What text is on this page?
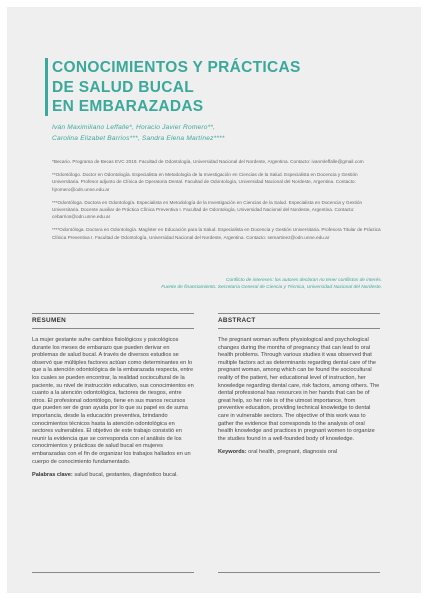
CONOCIMIENTOS Y PRÁCTICAS
DE SALUD BUCAL
EN EMBARAZADAS
Iván Maximiliano Leffalle*, Horacio Javier Romero**,
Carolina Elizabet Barrios***, Sandra Elena Martínez****
*Becario. Programa de Becas EVC 2019. Facultad de Odontología, Universidad Nacional del Nordeste, Argentina. Contacto: ivanmleffalle@gmail.com
**Odontólogo. Doctor en Odontología. Especialista en Metodología de la Investigación en Ciencias de la Salud. Especialista en Docencia y Gestión Universitaria. Profesor adjunto de Clínica de Operatoria Dental. Facultad de Odontología, Universidad Nacional del Nordeste, Argentina. Contacto: hjromero@odn.unne.edu.ar
***Odontóloga. Doctora en Odontología. Especialista en Metodología de la Investigación en Ciencias de la Salud. Especialista en Docencia y Gestión Universitaria. Docente auxiliar de Práctica Clínica Preventiva I. Facultad de Odontología, Universidad Nacional del Nordeste, Argentina. Contacto: cebarrios@odn.unne.edu.ar
****Odontóloga. Doctora en Odontología. Magíster en Educación para la Salud. Especialista en Docencia y Gestión Universitaria. Profesora Titular de Práctica Clínica Preventiva I. Facultad de Odontología, Universidad Nacional del Nordeste, Argentina. Contacto: semartinez@odn.unne.edu.ar
Conflicto de intereses: los autores declaran no tener conflictos de interés.
Fuente de financiamiento: Secretaría General de Ciencia y Técnica, Universidad Nacional del Nordeste.
RESUMEN
La mujer gestante sufre cambios fisiológicos y psicológicos durante los meses de embarazo que pueden derivar en problemas de salud bucal. A través de diversos estudios se observó que múltiples factores actúan como determinantes en lo que a la atención odontológica de la embarazada respecta, entre los cuales se pueden encontrar, la realidad sociocultural de la paciente, su nivel de instrucción educativo, sus conocimientos en cuanto a la atención odontológica, factores de riesgos, entre otros. El profesional odontólogo, tiene en sus manos recursos que pueden ser de gran ayuda por lo que su papel es de suma importancia, desde la educación preventiva, brindando conocimientos técnicos hasta la atención odontológica en sectores vulnerables. El objetivo de este trabajo consistió en reunir la evidencia que se corresponda con el análisis de los conocimientos y prácticas de salud bucal en mujeres embarazadas con el fin de organizar los trabajos hallados en un cuerpo de conocimiento fundamentado.
Palabras clave: salud bucal, gestantes, diagnóstico bucal.
ABSTRACT
The pregnant woman suffers physiological and psychological changes during the months of pregnancy that can lead to oral health problems. Through various studies it was observed that multiple factors act as determinants regarding dental care of the pregnant woman, among which can be found the sociocultural reality of the patient, her educational level of instruction, her knowledge regarding dental care, risk factors, among others. The dental professional has resources in her hands that can be of great help, so her role is of the utmost importance, from preventive education, providing technical knowledge to dental care in vulnerable sectors. The objective of this work was to gather the evidence that corresponds to the analysis of oral health knowledge and practices in pregnant women to organize the studies found in a well-founded body of knowledge.
Keywords: oral health, pregnant, diagnosis oral
